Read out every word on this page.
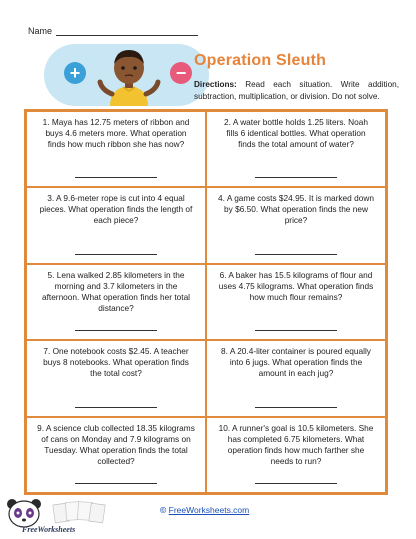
Name
+	−
Operation Sleuth
Directions: Read each situation. Write addition, subtraction, multiplication, or division. Do not solve.
1. Maya has 12.75 meters of ribbon and buys 4.6 meters more. What operation finds how much ribbon she has now?
2. A water bottle holds 1.25 liters. Noah fills 6 identical bottles. What operation finds the total amount of water?
3. A 9.6-meter rope is cut into 4 equal pieces. What operation finds the length of each piece?
4. A game costs $24.95. It is marked down by $6.50. What operation finds the new price?
5. Lena walked 2.85 kilometers in the morning and 3.7 kilometers in the afternoon. What operation finds her total distance?
6. A baker has 15.5 kilograms of flour and uses 4.75 kilograms. What operation finds how much flour remains?
7. One notebook costs $2.45. A teacher buys 8 notebooks. What operation finds the total cost?
8. A 20.4-liter container is poured equally into 6 jugs. What operation finds the amount in each jug?
9. A science club collected 18.35 kilograms of cans on Monday and 7.9 kilograms on Tuesday. What operation finds the total collected?
10. A runner's goal is 10.5 kilometers. She has completed 6.75 kilometers. What operation finds how much farther she needs to run?
FreeWorksheets
© FreeWorksheets.com
